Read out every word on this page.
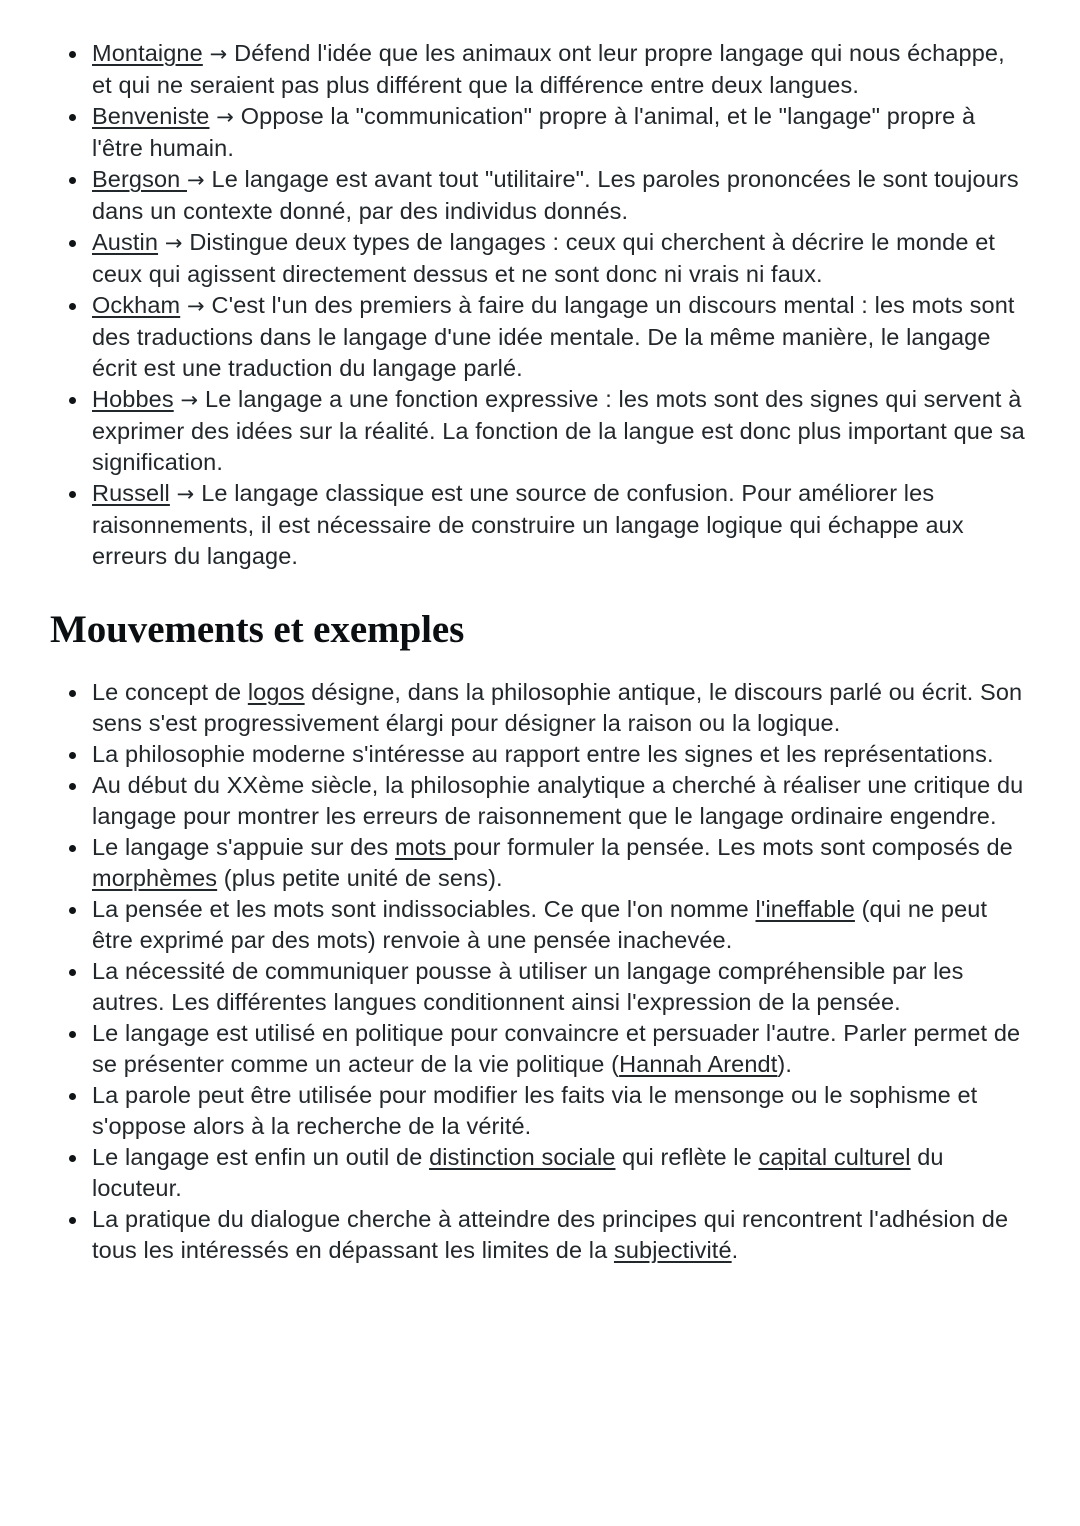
Montaigne → Défend l'idée que les animaux ont leur propre langage qui nous échappe, et qui ne seraient pas plus différent que la différence entre deux langues.
Benveniste → Oppose la "communication" propre à l'animal, et le "langage" propre à l'être humain.
Bergson → Le langage est avant tout "utilitaire". Les paroles prononcées le sont toujours dans un contexte donné, par des individus donnés.
Austin → Distingue deux types de langages : ceux qui cherchent à décrire le monde et ceux qui agissent directement dessus et ne sont donc ni vrais ni faux.
Ockham → C'est l'un des premiers à faire du langage un discours mental : les mots sont des traductions dans le langage d'une idée mentale. De la même manière, le langage écrit est une traduction du langage parlé.
Hobbes → Le langage a une fonction expressive : les mots sont des signes qui servent à exprimer des idées sur la réalité. La fonction de la langue est donc plus important que sa signification.
Russell → Le langage classique est une source de confusion. Pour améliorer les raisonnements, il est nécessaire de construire un langage logique qui échappe aux erreurs du langage.
Mouvements et exemples
Le concept de logos désigne, dans la philosophie antique, le discours parlé ou écrit. Son sens s'est progressivement élargi pour désigner la raison ou la logique.
La philosophie moderne s'intéresse au rapport entre les signes et les représentations.
Au début du XXème siècle, la philosophie analytique a cherché à réaliser une critique du langage pour montrer les erreurs de raisonnement que le langage ordinaire engendre.
Le langage s'appuie sur des mots pour formuler la pensée. Les mots sont composés de morphèmes (plus petite unité de sens).
La pensée et les mots sont indissociables. Ce que l'on nomme l'ineffable (qui ne peut être exprimé par des mots) renvoie à une pensée inachevée.
La nécessité de communiquer pousse à utiliser un langage compréhensible par les autres. Les différentes langues conditionnent ainsi l'expression de la pensée.
Le langage est utilisé en politique pour convaincre et persuader l'autre. Parler permet de se présenter comme un acteur de la vie politique (Hannah Arendt).
La parole peut être utilisée pour modifier les faits via le mensonge ou le sophisme et s'oppose alors à la recherche de la vérité.
Le langage est enfin un outil de distinction sociale qui reflète le capital culturel du locuteur.
La pratique du dialogue cherche à atteindre des principes qui rencontrent l'adhésion de tous les intéressés en dépassant les limites de la subjectivité.
